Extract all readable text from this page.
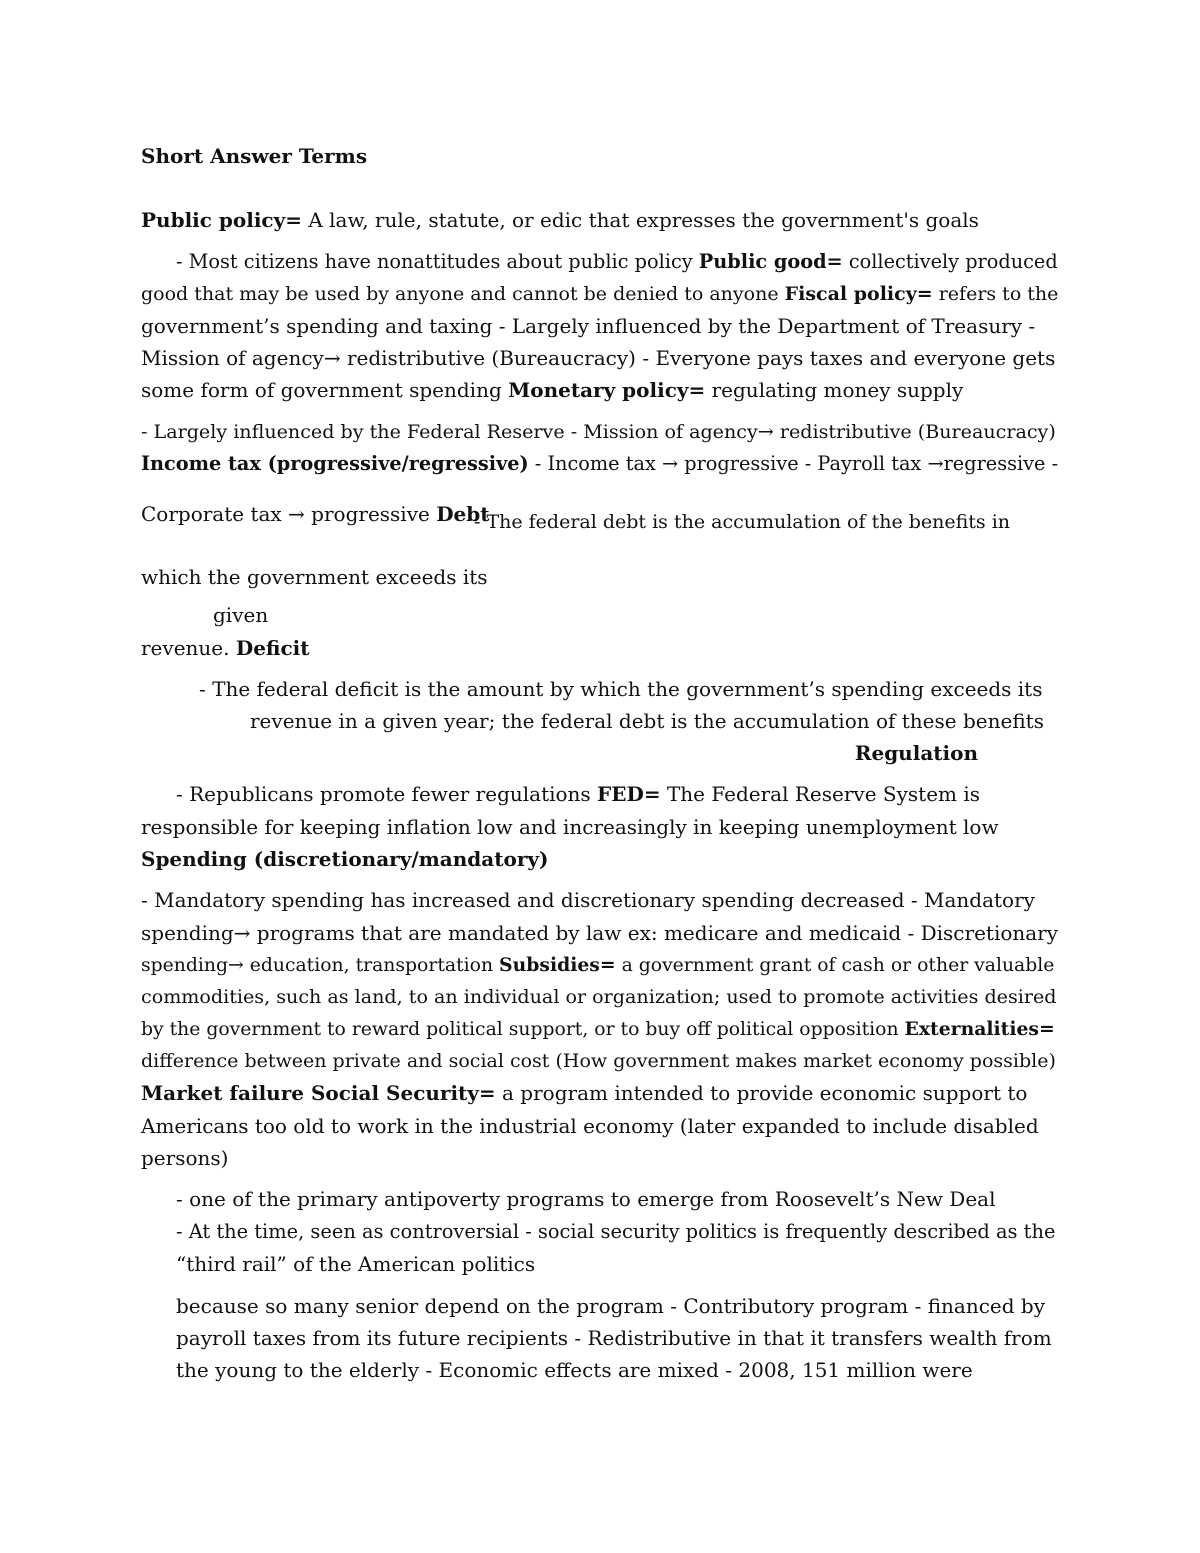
Short Answer Terms
Public policy= A law, rule, statute, or edic that expresses the government's goals
- Most citizens have nonattitudes about public policy Public good= collectively produced
good that may be used by anyone and cannot be denied to anyone Fiscal policy= refers to the
government’s spending and taxing - Largely influenced by the Department of Treasury -
Mission of agency→ redistributive (Bureaucracy) - Everyone pays taxes and everyone gets
some form of government spending Monetary policy= regulating money supply
- Largely influenced by the Federal Reserve - Mission of agency→ redistributive (Bureaucracy)
Income tax (progressive/regressive) - Income tax → progressive - Payroll tax →regressive -
Corporate tax → progressive Debt
- The federal debt is the accumulation of the benefits in
which the government exceeds its
given
revenue. Deficit
- The federal deficit is the amount by which the government’s spending exceeds its
revenue in a given year; the federal debt is the accumulation of these benefits
Regulation
- Republicans promote fewer regulations FED= The Federal Reserve System is
responsible for keeping inflation low and increasingly in keeping unemployment low
Spending (discretionary/mandatory)
- Mandatory spending has increased and discretionary spending decreased - Mandatory
spending→ programs that are mandated by law ex: medicare and medicaid - Discretionary
spending→ education, transportation Subsidies= a government grant of cash or other valuable
commodities, such as land, to an individual or organization; used to promote activities desired
by the government to reward political support, or to buy off political opposition Externalities=
difference between private and social cost (How government makes market economy possible)
Market failure Social Security= a program intended to provide economic support to
Americans too old to work in the industrial economy (later expanded to include disabled
persons)
- one of the primary antipoverty programs to emerge from Roosevelt’s New Deal
- At the time, seen as controversial - social security politics is frequently described as the
“third rail” of the American politics
because so many senior depend on the program - Contributory program - financed by
payroll taxes from its future recipients - Redistributive in that it transfers wealth from
the young to the elderly - Economic effects are mixed - 2008, 151 million were
